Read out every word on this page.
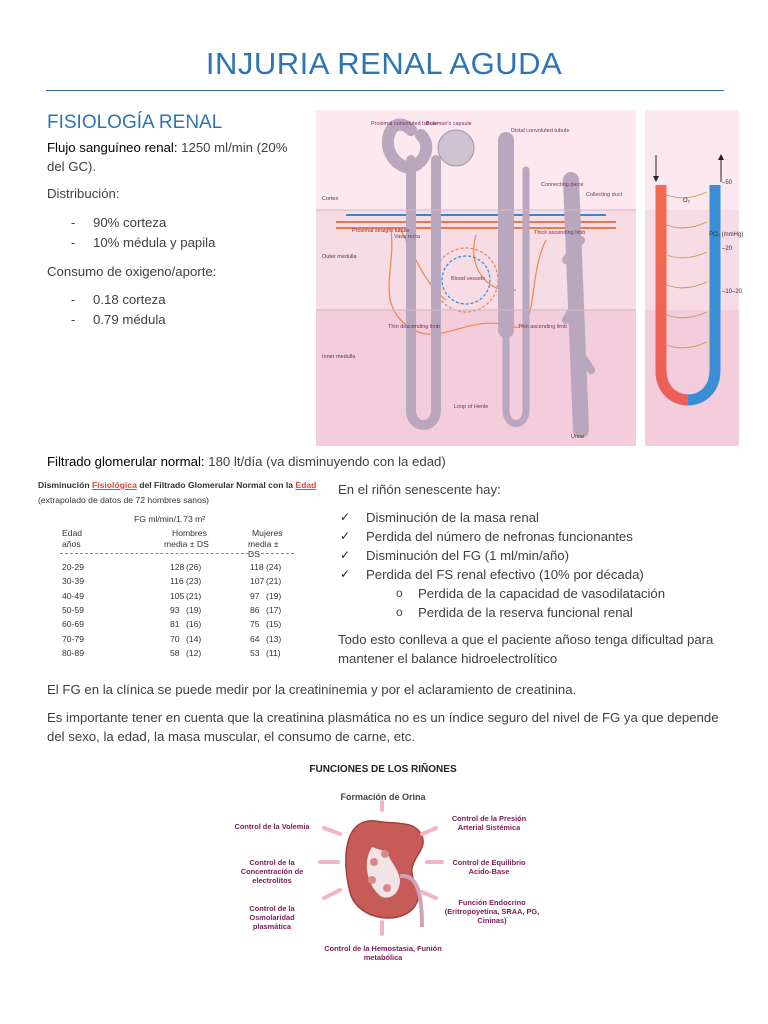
INJURIA RENAL AGUDA
FISIOLOGÍA RENAL
Flujo sanguíneo renal: 1250 ml/min (20% del GC).
Distribución:
- 90% corteza
- 10% médula y papila
Consumo de oxigeno/aporte:
- 0.18 corteza
- 0.79 médula
Proximal convoluted tubule
Bowman's capsule
Distal convoluted tubule
Connecting piece
Collecting duct
Cortex
Proximal straight tubule
Vasa recta
Thick ascending limb
Outer medulla
Blood vessels
Thin descending limb	Thin ascending limb
Inner medulla
Loop of Henle
Urine
O₂
–50
PO₂ (mmHg)
–20
–10–20
Filtrado glomerular normal: 180 lt/día (va disminuyendo con la edad)
Disminución Fisiológica del Filtrado Glomerular Normal con la Edad
(extrapolado de datos de 72 hombres sanos)
FG ml/min/1.73 m²
Edad	Hombres	Mujeres
años	media ± DS	media ± DS
20-29	128 (26)	118 (24)
30-39	116 (23)	107 (21)
40-49	105 (21)	97 (19)
50-59	93 (19)	86 (17)
60-69	81 (16)	75 (15)
70-79	70 (14)	64 (13)
80-89	58 (12)	53 (11)
En el riñón senescente hay:
✓ Disminución de la masa renal
✓ Perdida del número de nefronas funcionantes
✓ Disminución del FG (1 ml/min/año)
✓ Perdida del FS renal efectivo (10% por década)
o Perdida de la capacidad de vasodilatación
o Perdida de la reserva funcional renal
Todo esto conlleva a que el paciente añoso tenga dificultad para mantener el balance hidroelectrolítico
El FG en la clínica se puede medir por la creatininemia y por el aclaramiento de creatinina.
Es importante tener en cuenta que la creatinina plasmática no es un índice seguro del nivel de FG ya que depende del sexo, la edad, la masa muscular, el consumo de carne, etc.
FUNCIONES DE LOS RIÑONES
Formación de Orina
Control de la Volemia
Control de la Concentración de electrolitos
Control de la Osmolaridad plasmática
Control de la Presión Arterial Sistémica
Control de Equilibrio Acido-Base
Función Endocrino (Eritropoyetina, SRAA, PG, Cininas)
Control de la Hemostasia, Funión metabólica
